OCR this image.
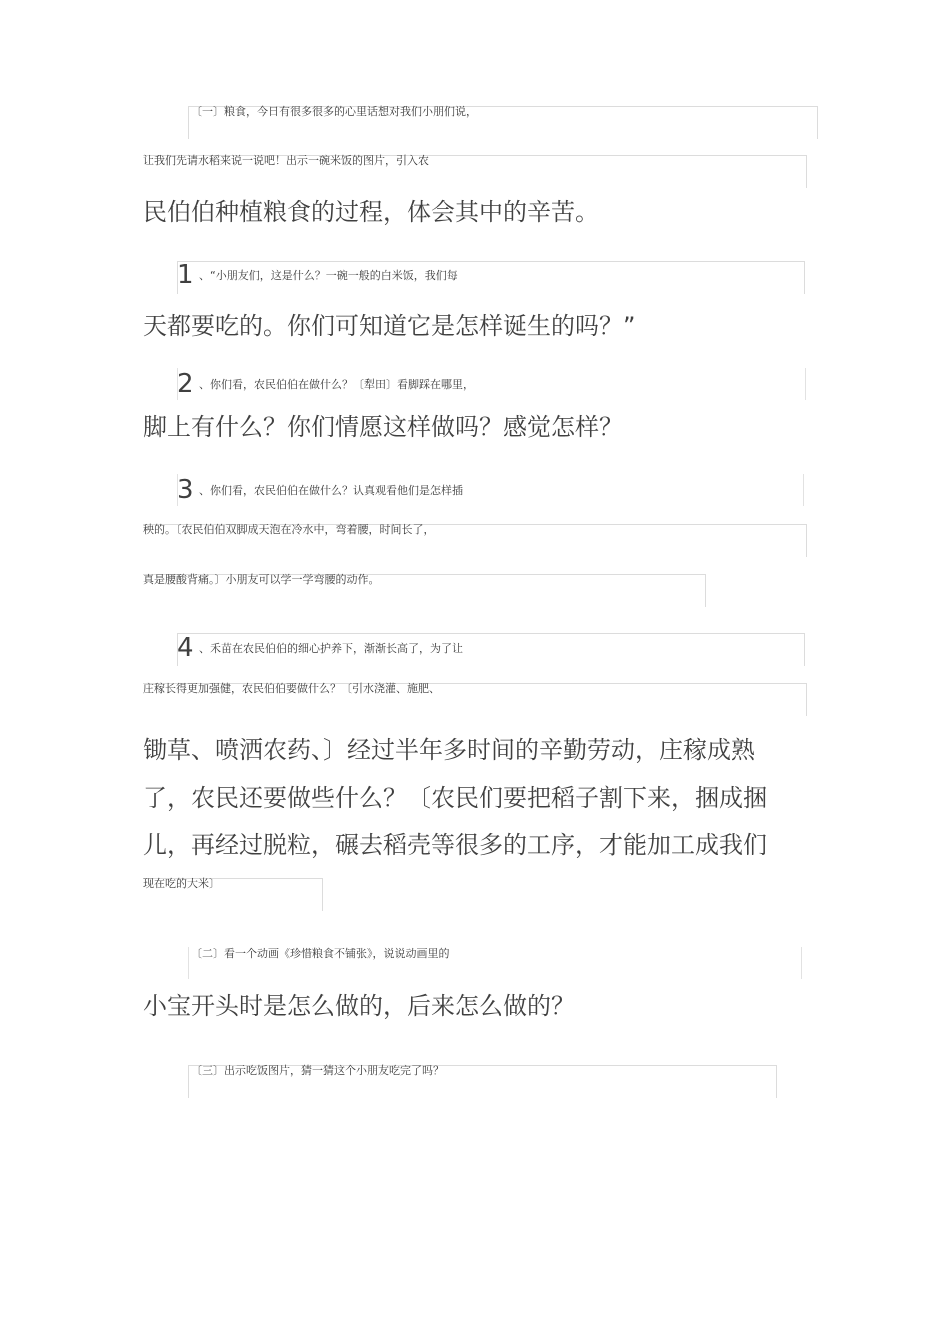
〔一〕粮食，今日有很多很多的心里话想对我们小朋们说，
让我们先请水稻来说一说吧！出示一碗米饭的图片，引入农
民伯伯种植粮食的过程，体会其中的辛苦。
1 、“小朋友们，这是什么？一碗一般的白米饭，我们每
天都要吃的。你们可知道它是怎样诞生的吗？”
2 、你们看，农民伯伯在做什么？〔犁田〕看脚踩在哪里，
脚上有什么？你们情愿这样做吗？感觉怎样？
3 、你们看，农民伯伯在做什么？认真观看他们是怎样插
秧的。〔农民伯伯双脚成天泡在冷水中，弯着腰，时间长了，
真是腰酸背痛。〕小朋友可以学一学弯腰的动作。
4 、禾苗在农民伯伯的细心护养下，渐渐长高了，为了让
庄稼长得更加强健，农民伯伯要做什么？〔引水浇灌、施肥、
锄草、喷洒农药、〕经过半年多时间的辛勤劳动，庄稼成熟
了，农民还要做些什么？〔农民们要把稻子割下来，捆成捆
儿，再经过脱粒，碾去稻壳等很多的工序，才能加工成我们
现在吃的大米〕
〔二〕看一个动画《珍惜粮食不铺张》，说说动画里的
小宝开头时是怎么做的，后来怎么做的？
〔三〕出示吃饭图片，猜一猜这个小朋友吃完了吗？
